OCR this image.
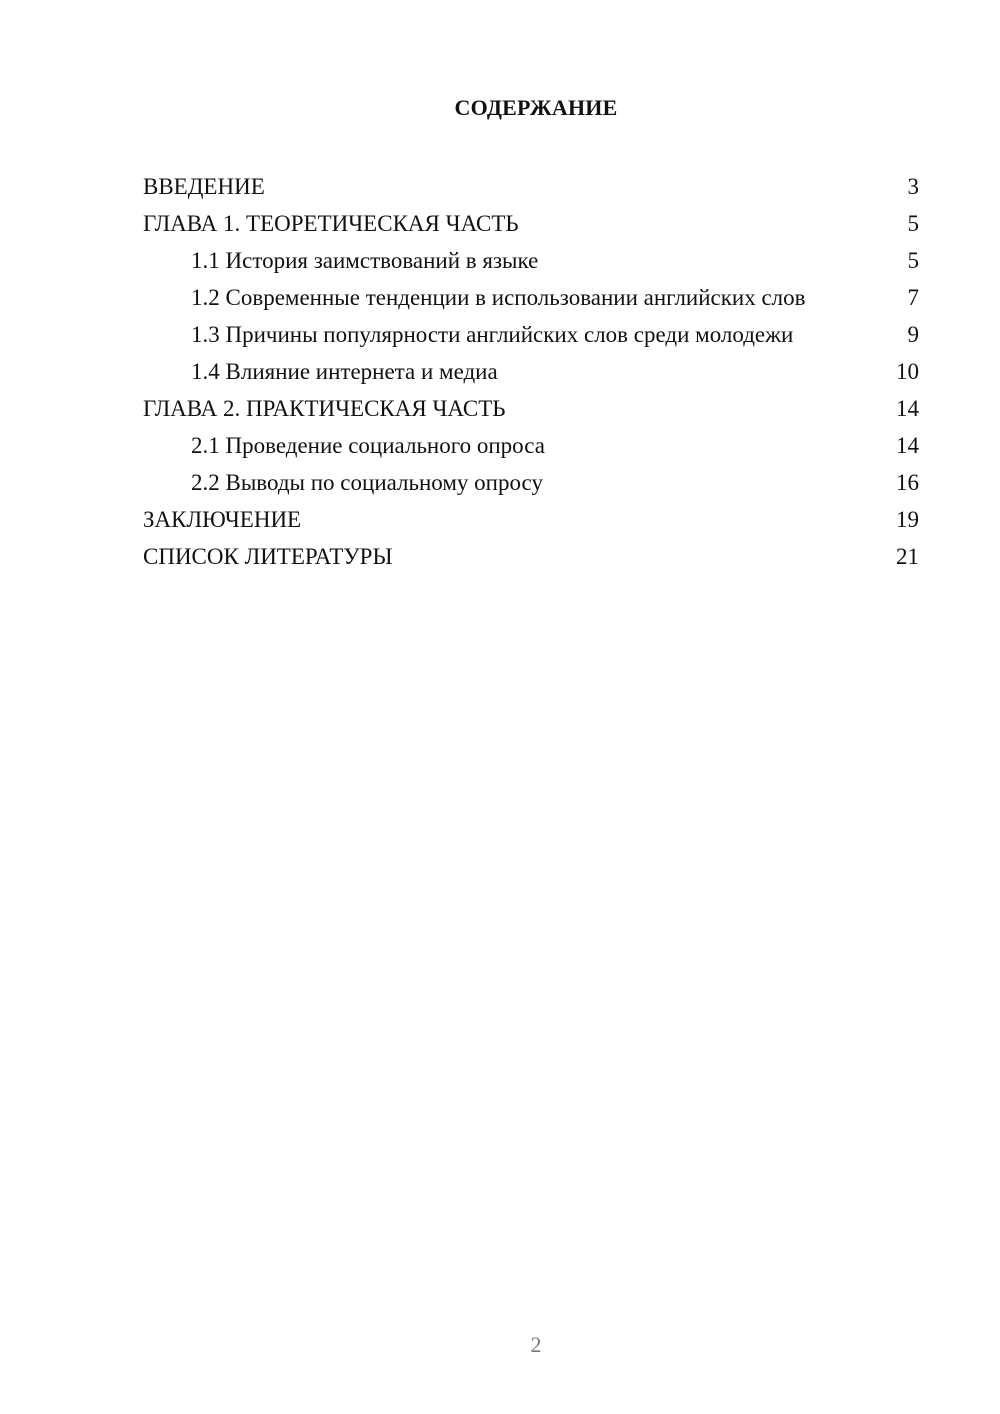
СОДЕРЖАНИЕ
ВВЕДЕНИЕ	3
ГЛАВА 1. ТЕОРЕТИЧЕСКАЯ ЧАСТЬ	5
1.1 История заимствований в языке	5
1.2 Современные тенденции в использовании английских слов	7
1.3 Причины популярности английских слов среди молодежи	9
1.4 Влияние интернета и медиа	10
ГЛАВА 2. ПРАКТИЧЕСКАЯ ЧАСТЬ	14
2.1 Проведение социального опроса	14
2.2 Выводы по социальному опросу	16
ЗАКЛЮЧЕНИЕ	19
СПИСОК ЛИТЕРАТУРЫ	21
2
